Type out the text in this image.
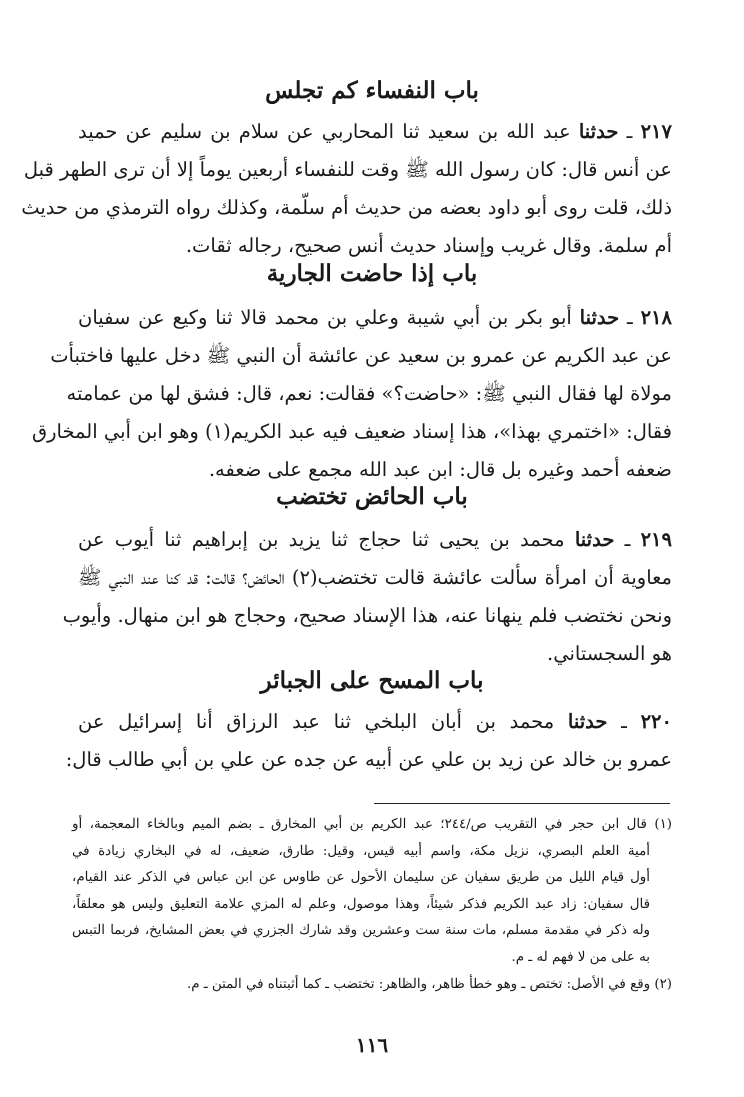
باب النفساء كم تجلس
٢١٧ ـ حدثنا عبد الله بن سعيد ثنا المحاربي عن سلام بن سليم عن حميد
عن أنس قال: كان رسول الله ﷺ وقت للنفساء أربعين يوماً إلا أن ترى الطهر قبل
ذلك، قلت روى أبو داود بعضه من حديث أم سلّمة، وكذلك رواه الترمذي من حديث
أم سلمة. وقال غريب وإسناد حديث أنس صحيح، رجاله ثقات.
باب إذا حاضت الجارية
٢١٨ ـ حدثنا أبو بكر بن أبي شيبة وعلي بن محمد قالا ثنا وكيع عن سفيان
عن عبد الكريم عن عمرو بن سعيد عن عائشة أن النبي ﷺ دخل عليها فاختبأت
مولاة لها فقال النبي ﷺ: «حاضت؟» فقالت: نعم، قال: فشق لها من عمامته
فقال: «اختمري بهذا»، هذا إسناد ضعيف فيه عبد الكريم(١) وهو ابن أبي المخارق
ضعفه أحمد وغيره بل قال: ابن عبد الله مجمع على ضعفه.
باب الحائض تختضب
٢١٩ ـ حدثنا محمد بن يحيى ثنا حجاج ثنا يزيد بن إبراهيم ثنا أيوب عن
معاوية أن امرأة سألت عائشة قالت تختضب(٢) الحائض؟ قالت: قد كنا عند النبي ﷺ
ونحن نختضب فلم ينهانا عنه، هذا الإسناد صحيح، وحجاج هو ابن منهال. وأيوب
هو السجستاني.
باب المسح على الجبائر
٢٢٠ ـ حدثنا محمد بن أبان البلخي ثنا عبد الرزاق أنا إسرائيل عن
عمرو بن خالد عن زيد بن علي عن أبيه عن جده عن علي بن أبي طالب قال:
(١) قال ابن حجر في التقريب ص/٢٤٤؛ عبد الكريم بن أبي المخارق ـ بضم الميم وبالخاء المعجمة، أو
أمية العلم البصري، نزيل مكة، واسم أبيه قيس، وقيل: طارق، ضعيف، له في البخاري زيادة في
أول قيام الليل من طريق سفيان عن سليمان الأحول عن طاوس عن ابن عباس في الذكر عند القيام،
قال سفيان: زاد عبد الكريم فذكر شيئاً، وهذا موصول، وعلم له المزي علامة التعليق وليس هو معلقاً،
وله ذكر في مقدمة مسلم، مات سنة ست وعشرين وقد شارك الجزري في بعض المشايخ، فربما التبس
به على من لا فهم له ـ م.
(٢) وقع في الأصل: تختص ـ وهو خطأ ظاهر، والظاهر: تختضب ـ كما أثبتناه في المتن ـ م.
١١٦
